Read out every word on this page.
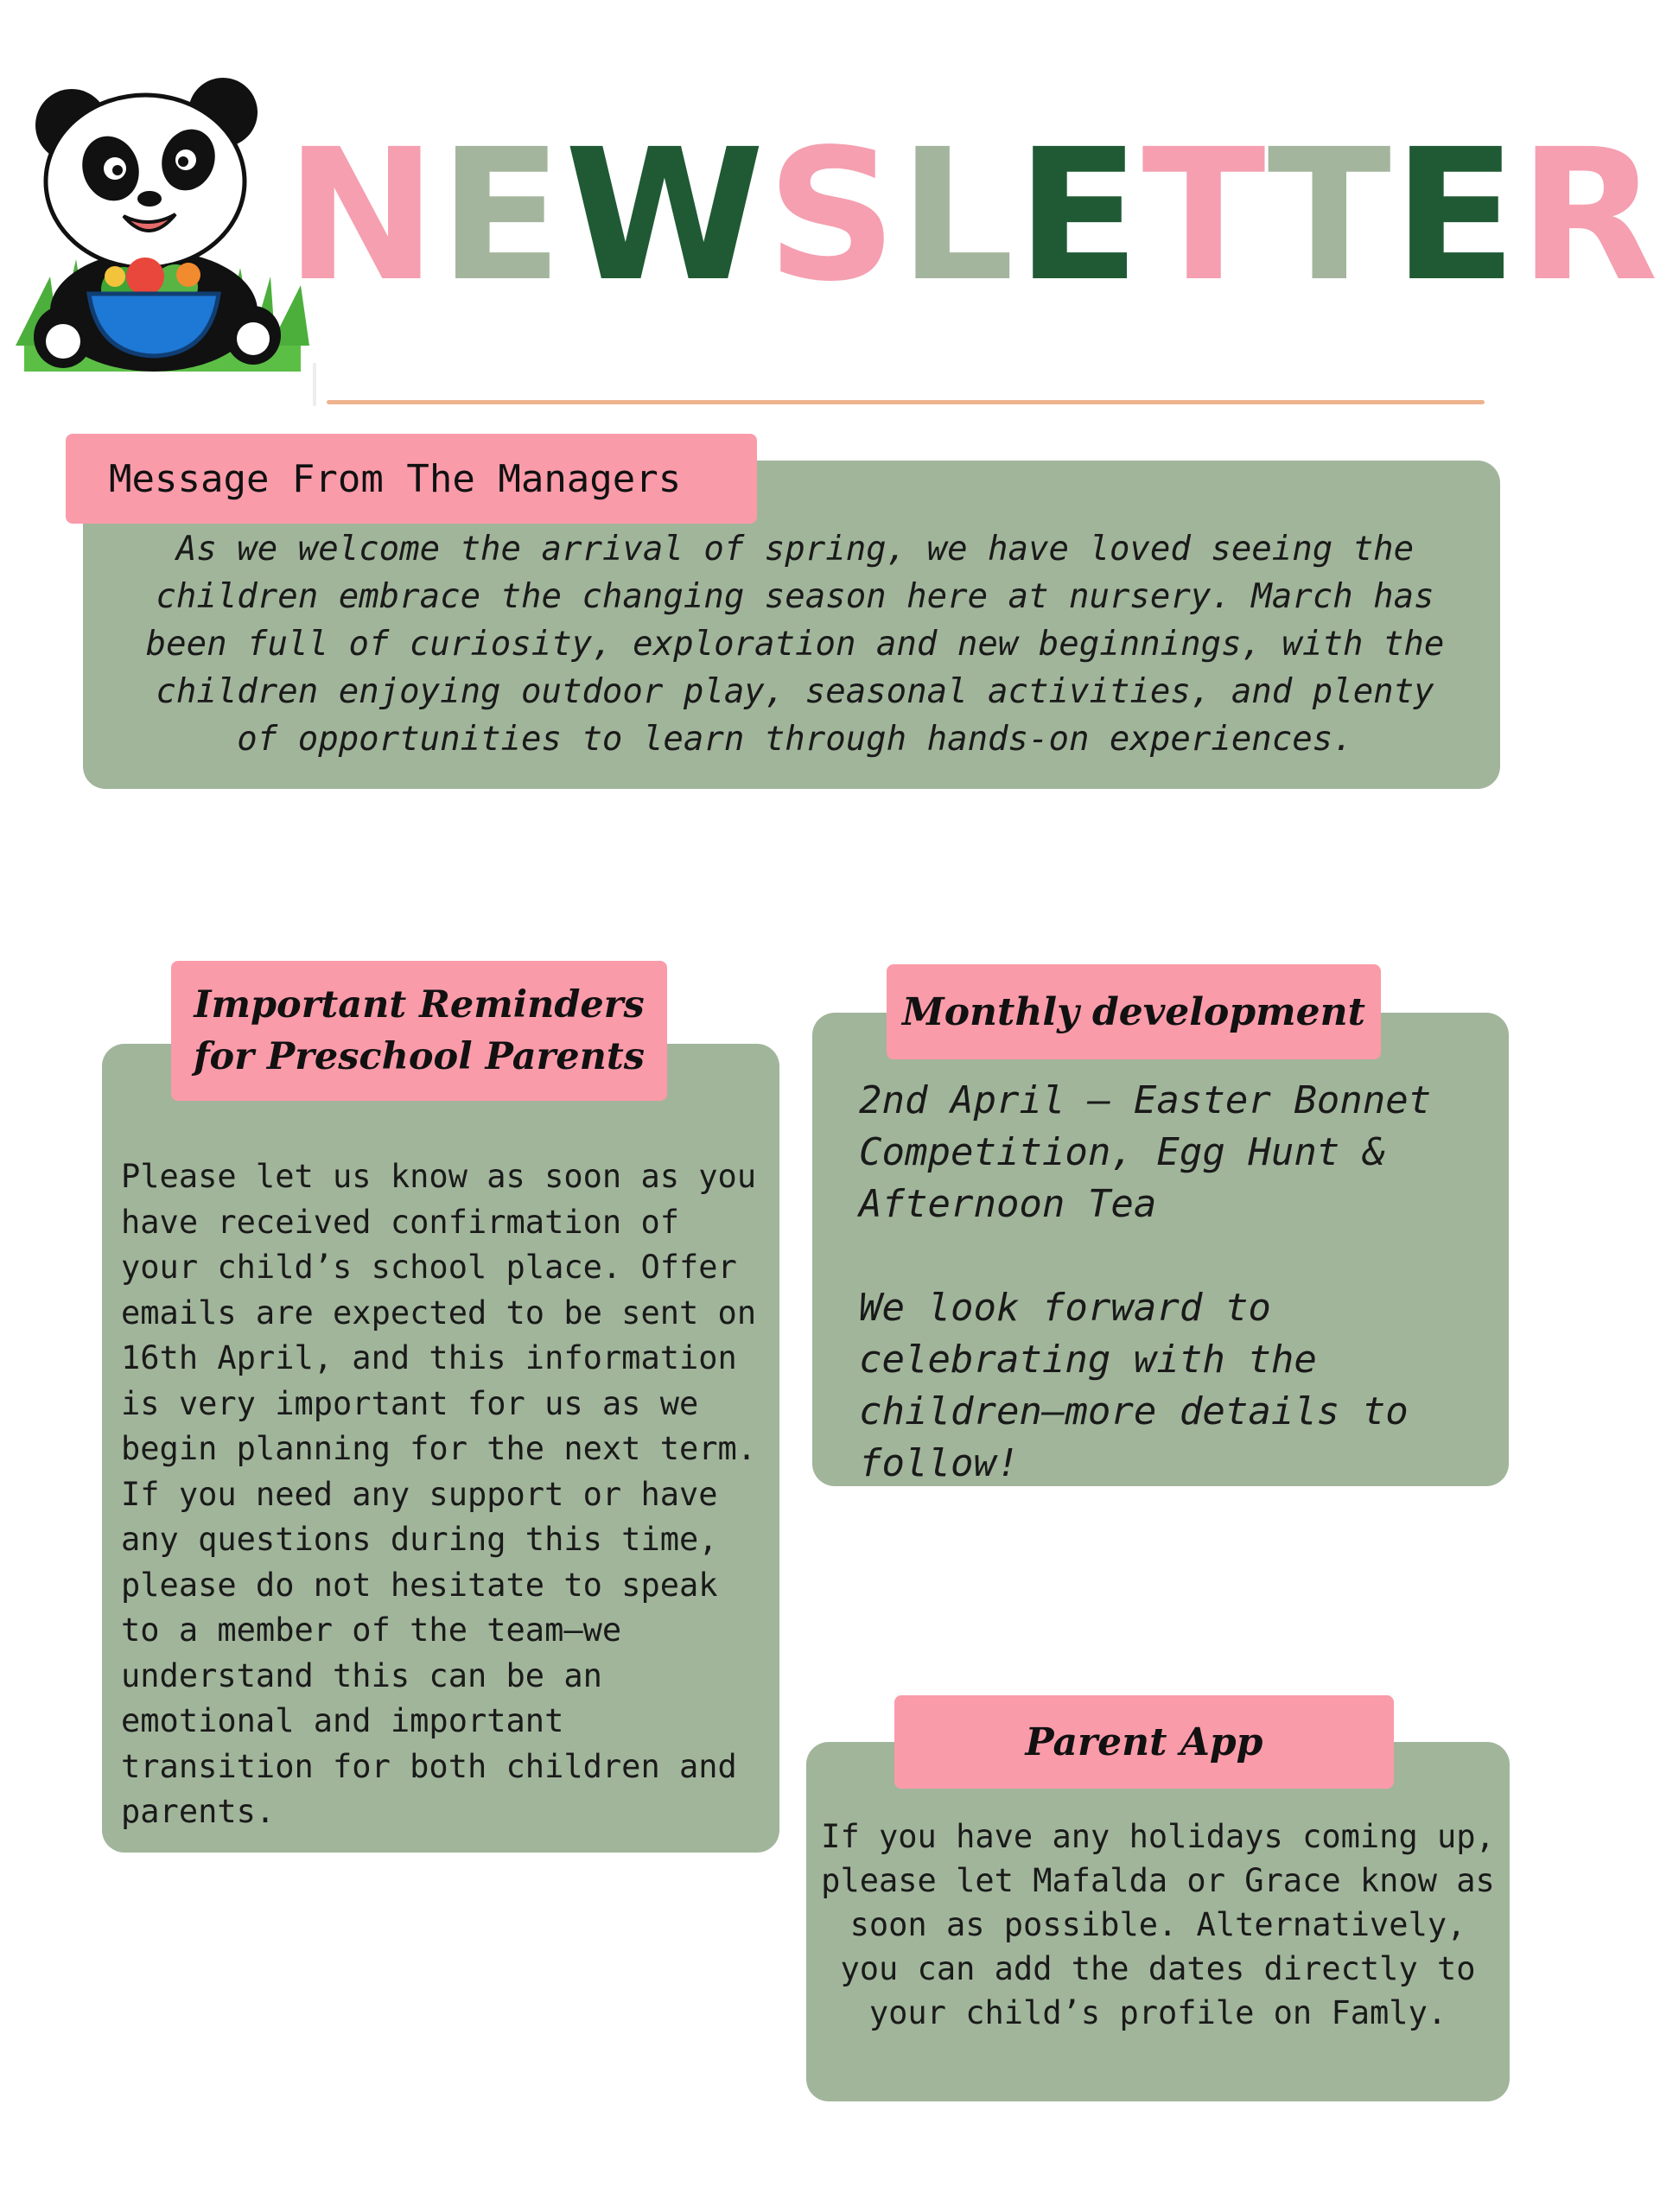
NEWSLETTER
Message From The Managers
As we welcome the arrival of spring, we have loved seeing the children embrace the changing season here at nursery. March has been full of curiosity, exploration and new beginnings, with the children enjoying outdoor play, seasonal activities, and plenty of opportunities to learn through hands-on experiences.
Important Reminders for Preschool Parents
Please let us know as soon as you have received confirmation of your child’s school place. Offer emails are expected to be sent on 16th April, and this information is very important for us as we begin planning for the next term.
If you need any support or have any questions during this time, please do not hesitate to speak to a member of the team—we understand this can be an emotional and important transition for both children and parents.
Monthly development

2nd April – Easter Bonnet Competition, Egg Hunt & Afternoon Tea

We look forward to celebrating with the children—more details to follow!

Parent App
If you have any holidays coming up, please let Mafalda or Grace know as soon as possible. Alternatively, you can add the dates directly to your child’s profile on Famly.
